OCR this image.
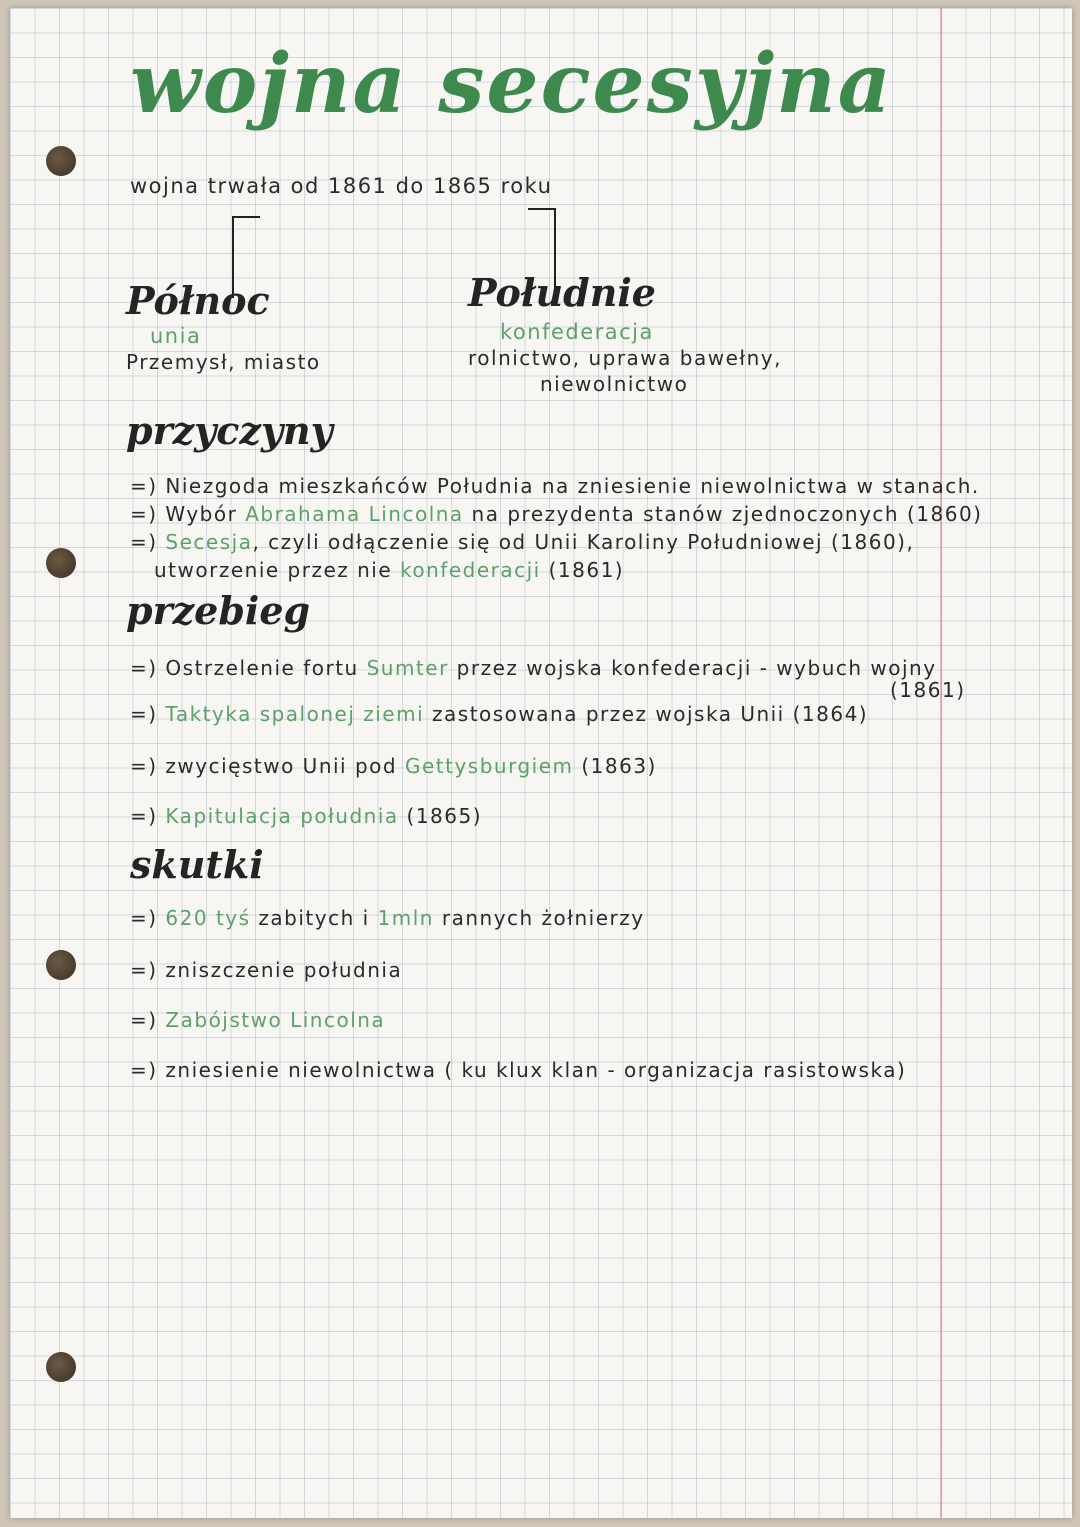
wojna secesyjna
wojna trwała od 1861 do 1865 roku
Północ
unia
Przemysł, miasto
Południe
konfederacja
rolnictwo, uprawa bawełny,
niewolnictwo
przyczyny
=) Niezgoda mieszkańców Południa na zniesienie niewolnictwa w stanach.
=) Wybór Abrahama Lincolna na prezydenta stanów zjednoczonych (1860)
=) Secesja, czyli odłączenie się od Unii Karoliny Południowej (1860),
utworzenie przez nie konfederacji (1861)
przebieg
=) Ostrzelenie fortu Sumter przez wojska konfederacji - wybuch wojny
(1861)
=) Taktyka spalonej ziemi zastosowana przez wojska Unii (1864)
=) zwycięstwo Unii pod Gettysburgiem (1863)
=) Kapitulacja południa (1865)
skutki
=) 620 tyś zabitych i 1mln rannych żołnierzy
=) zniszczenie południa
=) Zabójstwo Lincolna
=) zniesienie niewolnictwa ( ku klux klan - organizacja rasistowska)
